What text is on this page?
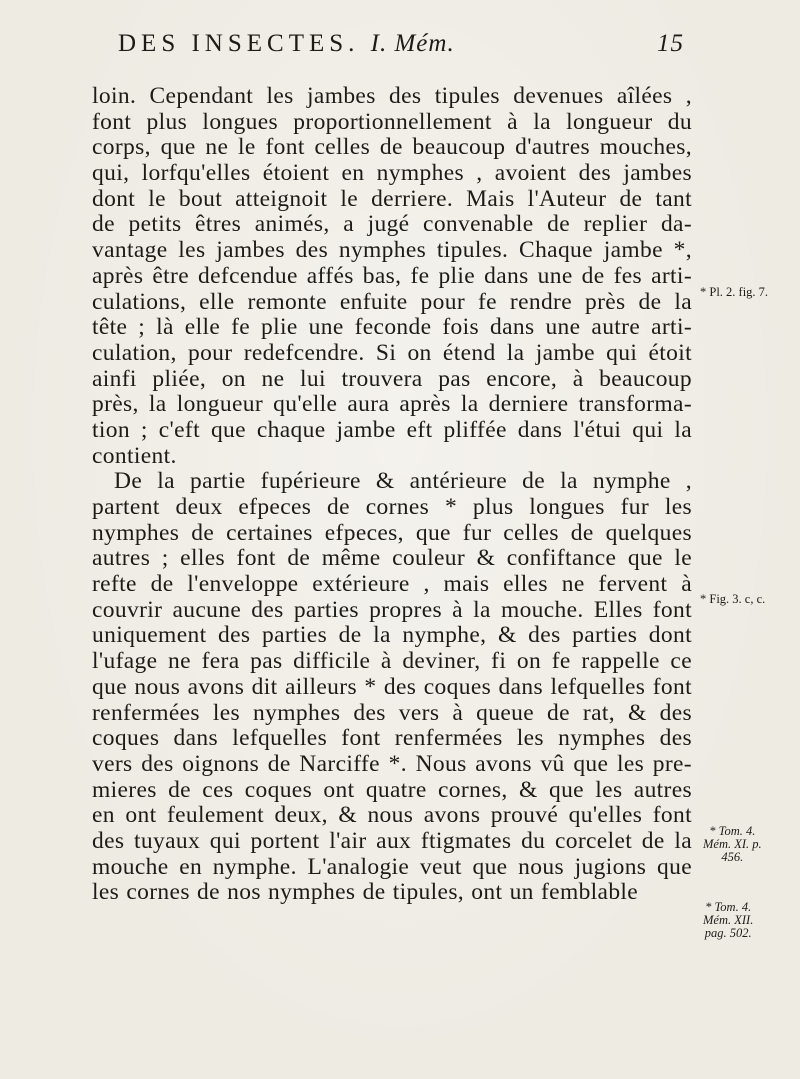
DES INSECTES. I. Mém.	15
loin. Cependant les jambes des tipules devenues aîlées ,
font plus longues proportionnellement à la longueur du
corps, que ne le font celles de beaucoup d'autres mouches,
qui, lorfqu'elles étoient en nymphes , avoient des jambes
dont le bout atteignoit le derriere. Mais l'Auteur de tant
de petits êtres animés, a jugé convenable de replier da-
vantage les jambes des nymphes tipules. Chaque jambe *,
après être defcendue affés bas, fe plie dans une de fes arti-
culations, elle remonte enfuite pour fe rendre près de la
tête ; là elle fe plie une feconde fois dans une autre arti-
culation, pour redefcendre. Si on étend la jambe qui étoit
ainfi pliée, on ne lui trouvera pas encore, à beaucoup
près, la longueur qu'elle aura après la derniere transforma-
tion ; c'eft que chaque jambe eft pliffée dans l'étui qui la
contient.
De la partie fupérieure & antérieure de la nymphe ,
partent deux efpeces de cornes * plus longues fur les
nymphes de certaines efpeces, que fur celles de quelques
autres ; elles font de même couleur & confiftance que le
refte de l'enveloppe extérieure , mais elles ne fervent à
couvrir aucune des parties propres à la mouche. Elles font
uniquement des parties de la nymphe, & des parties dont
l'ufage ne fera pas difficile à deviner, fi on fe rappelle ce
que nous avons dit ailleurs * des coques dans lefquelles font
renfermées les nymphes des vers à queue de rat, & des
coques dans lefquelles font renfermées les nymphes des
vers des oignons de Narciffe *. Nous avons vû que les pre-
mieres de ces coques ont quatre cornes, & que les autres
en ont feulement deux, & nous avons prouvé qu'elles font
des tuyaux qui portent l'air aux ftigmates du corcelet de la
mouche en nymphe. L'analogie veut que nous jugions que
les cornes de nos nymphes de tipules, ont un femblable
* Pl. 2. fig. 7.
* Fig. 3. c, c.
* Tom. 4.
Mém. XI. p.
456.
* Tom. 4.
Mém. XII.
pag. 502.
